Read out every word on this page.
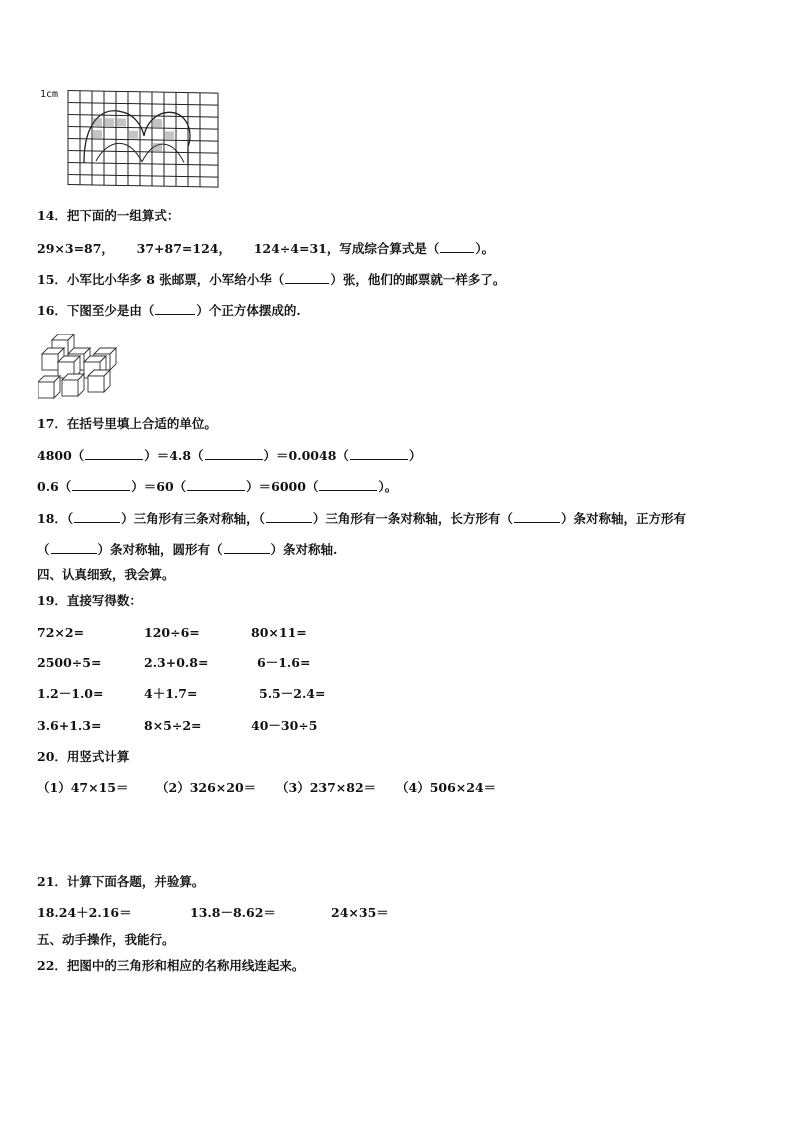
1cm
14．把下面的一组算式：
29×3=87， 37+87=124， 124÷4=31，写成综合算式是（	）。
15．小军比小华多 8 张邮票，小军给小华（	）张，他们的邮票就一样多了。
16．下图至少是由（	）个正方体摆成的.
17．在括号里填上合适的单位。
4800（	）＝4.8（	）＝0.0048（	）
0.6（	）＝60（	）＝6000（	）。
18．（	）三角形有三条对称轴，（	）三角形有一条对称轴，长方形有（	）条对称轴，正方形有
（	）条对称轴，圆形有（	）条对称轴.
四、认真细致，我会算。
19．直接写得数：
72×2=	120÷6=	80×11=
2500÷5=	2.3+0.8=	6－1.6=
1.2－1.0=	4＋1.7=	5.5－2.4=
3.6+1.3=	8×5÷2=	40－30÷5
20．用竖式计算
（1）47×15＝ （2）326×20＝ （3）237×82＝ （4）506×24＝
21．计算下面各题，并验算。
18.24＋2.16＝	13.8－8.62＝	24×35＝
五、动手操作，我能行。
22．把图中的三角形和相应的名称用线连起来。
